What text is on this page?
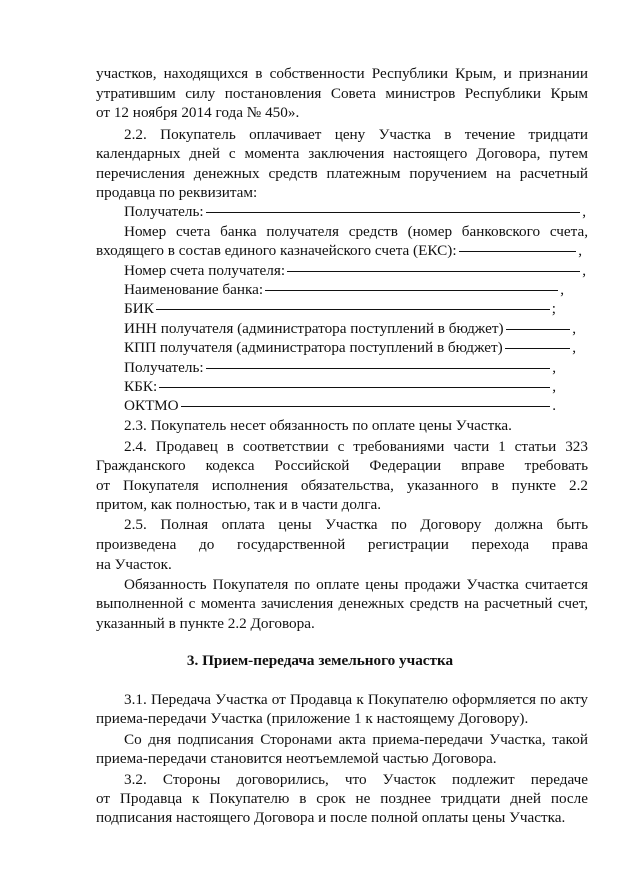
участков, находящихся в собственности Республики Крым, и признании
утратившим силу постановления Совета министров Республики Крым
от 12 ноября 2014 года № 450».
2.2. Покупатель оплачивает цену Участка в течение тридцати
календарных дней с момента заключения настоящего Договора, путем
перечисления денежных средств платежным поручением на расчетный
продавца по реквизитам:
Получатель:	,
Номер счета банка получателя средств (номер банковского счета,
входящего в состав единого казначейского счета (ЕКС):	,
Номер счета получателя:	,
Наименование банка:	,
БИК	;
ИНН получателя (администратора поступлений в бюджет)	,
КПП получателя (администратора поступлений в бюджет)	,
Получатель:	,
КБК:	,
ОКТМО	.
2.3. Покупатель несет обязанность по оплате цены Участка.
2.4. Продавец в соответствии с требованиями части 1 статьи 323
Гражданского кодекса Российской Федерации вправе требовать
от Покупателя исполнения обязательства, указанного в пункте 2.2
притом, как полностью, так и в части долга.
2.5. Полная оплата цены Участка по Договору должна быть
произведена до государственной регистрации перехода права
на Участок.
Обязанность Покупателя по оплате цены продажи Участка считается
выполненной с момента зачисления денежных средств на расчетный счет,
указанный в пункте 2.2 Договора.
3. Прием-передача земельного участка
3.1. Передача Участка от Продавца к Покупателю оформляется по акту
приема-передачи Участка (приложение 1 к настоящему Договору).
Со дня подписания Сторонами акта приема-передачи Участка, такой
приема-передачи становится неотъемлемой частью Договора.
3.2. Стороны договорились, что Участок подлежит передаче
от Продавца к Покупателю в срок не позднее тридцати дней после
подписания настоящего Договора и после полной оплаты цены Участка.
